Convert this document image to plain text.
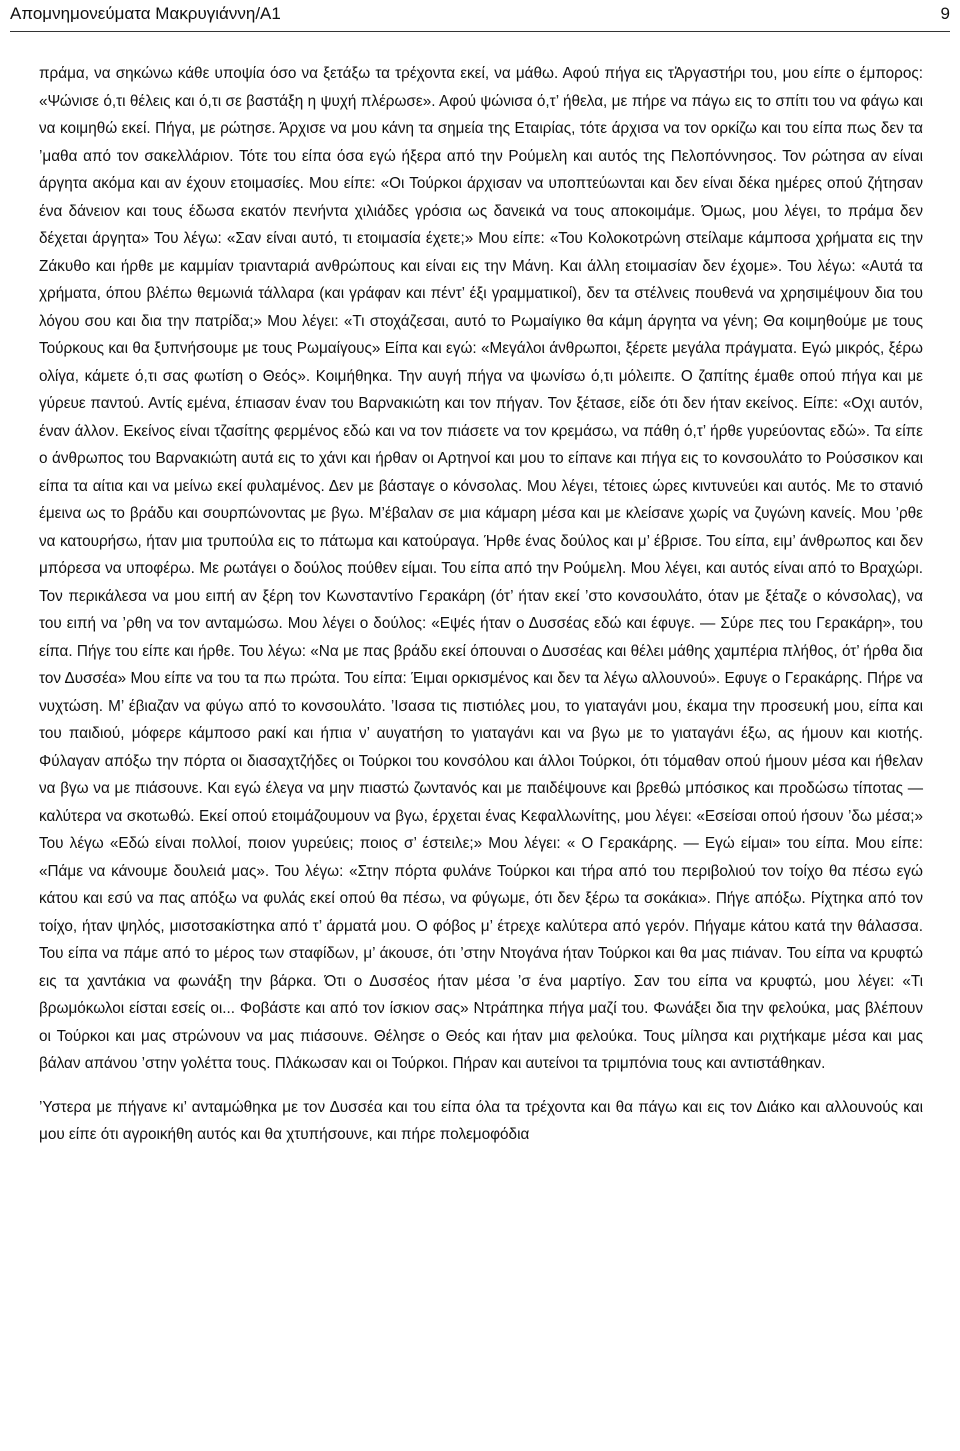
Απομνημονεύματα Μακρυγιάννη/Α1	9

πράμα, να σηκώνω κάθε υποψία όσο να ξετάξω τα τρέχοντα εκεί, να μάθω. Αφού πήγα εις τἈργαστήρι του, μου είπε ο έμπορος: «Ψώνισε ό,τι θέλεις και ό,τι σε βαστάξη η ψυχή πλέρωσε». Αφού ψώνισα ό,τ’ ήθελα, με πήρε να πάγω εις το σπίτι του να φάγω και να κοιμηθώ εκεί. Πήγα, με ρώτησε. Άρχισε να μου κάνη τα σημεία της Εταιρίας, τότε άρχισα να τον ορκίζω και του είπα πως δεν τα ’μαθα από τον σακελλάριον. Τότε του είπα όσα εγώ ήξερα από την Ρούμελη και αυτός της Πελοπόννησος. Τον ρώτησα αν είναι άργητα ακόμα και αν έχουν ετοιμασίες. Μου είπε: «Οι Τούρκοι άρχισαν να υποπτεύωνται και δεν είναι δέκα ημέρες οπού ζήτησαν ένα δάνειον και τους έδωσα εκατόν πενήντα χιλιάδες γρόσια ως δανεικά να τους αποκοιμάμε. Όμως, μου λέγει, το πράμα δεν δέχεται άργητα» Του λέγω: «Σαν είναι αυτό, τι ετοιμασία έχετε;» Μου είπε: «Του Κολοκοτρώνη στείλαμε κάμποσα χρήματα εις την Ζάκυθο και ήρθε με καμμίαν τριανταριά ανθρώπους και είναι εις την Μάνη. Και άλλη ετοιμασίαν δεν έχομε». Του λέγω: «Αυτά τα χρήματα, όπου βλέπω θεμωνιά τάλλαρα (και γράφαν και πέντ’ έξι γραμματικοί), δεν τα στέλνεις πουθενά να χρησιμέψουν δια του λόγου σου και δια την πατρίδα;» Μου λέγει: «Τι στοχάζεσαι, αυτό το Ρωμαίγικο θα κάμη άργητα να γένη; Θα κοιμηθούμε με τους Τούρκους και θα ξυπνήσουμε με τους Ρωμαίγους» Είπα και εγώ: «Μεγάλοι άνθρωποι, ξέρετε μεγάλα πράγματα. Εγώ μικρός, ξέρω ολίγα, κάμετε ό,τι σας φωτίση ο Θεός». Κοιμήθηκα. Την αυγή πήγα να ψωνίσω ό,τι μόλειπε. Ο ζαπίτης έμαθε οπού πήγα και με γύρευε παντού. Αντίς εμένα, έπιασαν έναν του Βαρνακιώτη και τον πήγαν. Τον ξέτασε, είδε ότι δεν ήταν εκείνος. Είπε: «Οχι αυτόν, έναν άλλον. Εκείνος είναι τζασίτης φερμένος εδώ και να τον πιάσετε να τον κρεμάσω, να πάθη ό,τ’ ήρθε γυρεύοντας εδώ». Τα είπε ο άνθρωπος του Βαρνακιώτη αυτά εις το χάνι και ήρθαν οι Αρτηνοί και μου το είπανε και πήγα εις το κονσουλάτο το Ρούσσικον και είπα τα αίτια και να μείνω εκεί φυλαμένος. Δεν με βάσταγε ο κόνσολας. Μου λέγει, τέτοιες ώρες κιντυνεύει και αυτός. Με το στανιό έμεινα ως το βράδυ και σουρπώνοντας με βγω. Μ’έβαλαν σε μια κάμαρη μέσα και με κλείσανε χωρίς να ζυγώνη κανείς. Μου ’ρθε να κατουρήσω, ήταν μια τρυπούλα εις το πάτωμα και κατούραγα. Ήρθε ένας δούλος και μ’ έβρισε. Του είπα, ειμ’ άνθρωπος και δεν μπόρεσα να υποφέρω. Με ρωτάγει ο δούλος πούθεν είμαι. Του είπα από την Ρούμελη. Μου λέγει, και αυτός είναι από το Βραχώρι. Τον περικάλεσα να μου ειπή αν ξέρη τον Κωνσταντίνο Γερακάρη (ότ’ ήταν εκεί ’στο κονσουλάτο, όταν με ξέταζε ο κόνσολας), να του ειπή να ’ρθη να τον ανταμώσω. Μου λέγει ο δούλος: «Εψές ήταν ο Δυσσέας εδώ και έφυγε. — Σύρε πες του Γερακάρη», του είπα. Πήγε του είπε και ήρθε. Του λέγω: «Να με πας βράδυ εκεί όπουναι ο Δυσσέας και θέλει μάθης χαμπέρια πλήθος, ότ’ ήρθα δια τον Δυσσέα» Μου είπε να του τα πω πρώτα. Του είπα: Έιμαι ορκισμένος και δεν τα λέγω αλλουνού». Εφυγε ο Γερακάρης. Πήρε να νυχτώση. Μ’ έβιαζαν να φύγω από το κονσουλάτο. ’Ισασα τις πιστιόλες μου, το γιαταγάνι μου, έκαμα την προσευκή μου, είπα και του παιδιού, μόφερε κάμποσο ρακί και ήπια ν’ αυγατήση το γιαταγάνι και να βγω με το γιαταγάνι έξω, ας ήμουν και κιοτής. Φύλαγαν απόξω την πόρτα οι διασαχτζήδες οι Τούρκοι του κονσόλου και άλλοι Τούρκοι, ότι τόμαθαν οπού ήμουν μέσα και ήθελαν να βγω να με πιάσουνε. Και εγώ έλεγα να μην πιαστώ ζωντανός και με παιδέψουνε και βρεθώ μπόσικος και προδώσω τίποτας — καλύτερα να σκοτωθώ. Εκεί οπού ετοιμάζουμουν να βγω, έρχεται ένας Κεφαλλωνίτης, μου λέγει: «Εσείσαι οπού ήσουν ’δω μέσα;» Του λέγω «Εδώ είναι πολλοί, ποιον γυρεύεις; ποιος σ’ έστειλε;» Μου λέγει: « Ο Γερακάρης. — Εγώ είμαι» του είπα. Μου είπε: «Πάμε να κάνουμε δουλειά μας». Του λέγω: «Στην πόρτα φυλάνε Τούρκοι και τήρα από του περιβολιού τον τοίχο θα πέσω εγώ κάτου και εσύ να πας απόξω να φυλάς εκεί οπού θα πέσω, να φύγωμε, ότι δεν ξέρω τα σοκάκια». Πήγε απόξω. Ρίχτηκα από τον τοίχο, ήταν ψηλός, μισοτσακίστηκα από τ’ άρματά μου. Ο φόβος μ’ έτρεχε καλύτερα από γερόν. Πήγαμε κάτου κατά την θάλασσα. Του είπα να πάμε από το μέρος των σταφίδων, μ’ άκουσε, ότι ’στην Ντογάνα ήταν Τούρκοι και θα μας πιάναν. Του είπα να κρυφτώ εις τα χαντάκια να φωνάξη την βάρκα. Ότι ο Δυσσέος ήταν μέσα ’σ ένα μαρτίγο. Σαν του είπα να κρυφτώ, μου λέγει: «Τι βρωμόκωλοι είσται εσείς οι... Φοβάστε και από τον ίσκιον σας» Ντράπηκα πήγα μαζί του. Φωνάξει δια την φελούκα, μας βλέπουν οι Τούρκοι και μας στρώνουν να μας πιάσουνε. Θέλησε ο Θεός και ήταν μια φελούκα. Τους μίλησα και ριχτήκαμε μέσα και μας βάλαν απάνου ’στην γολέττα τους. Πλάκωσαν και οι Τούρκοι. Πήραν και αυτείνοι τα τριμπόνια τους και αντιστάθηκαν.

’Υστερα με πήγανε κι’ ανταμώθηκα με τον Δυσσέα και του είπα όλα τα τρέχοντα και θα πάγω και εις τον Διάκο και αλλουνούς και μου είπε ότι αγροικήθη αυτός και θα χτυπήσουνε, και πήρε πολεμοφόδια
